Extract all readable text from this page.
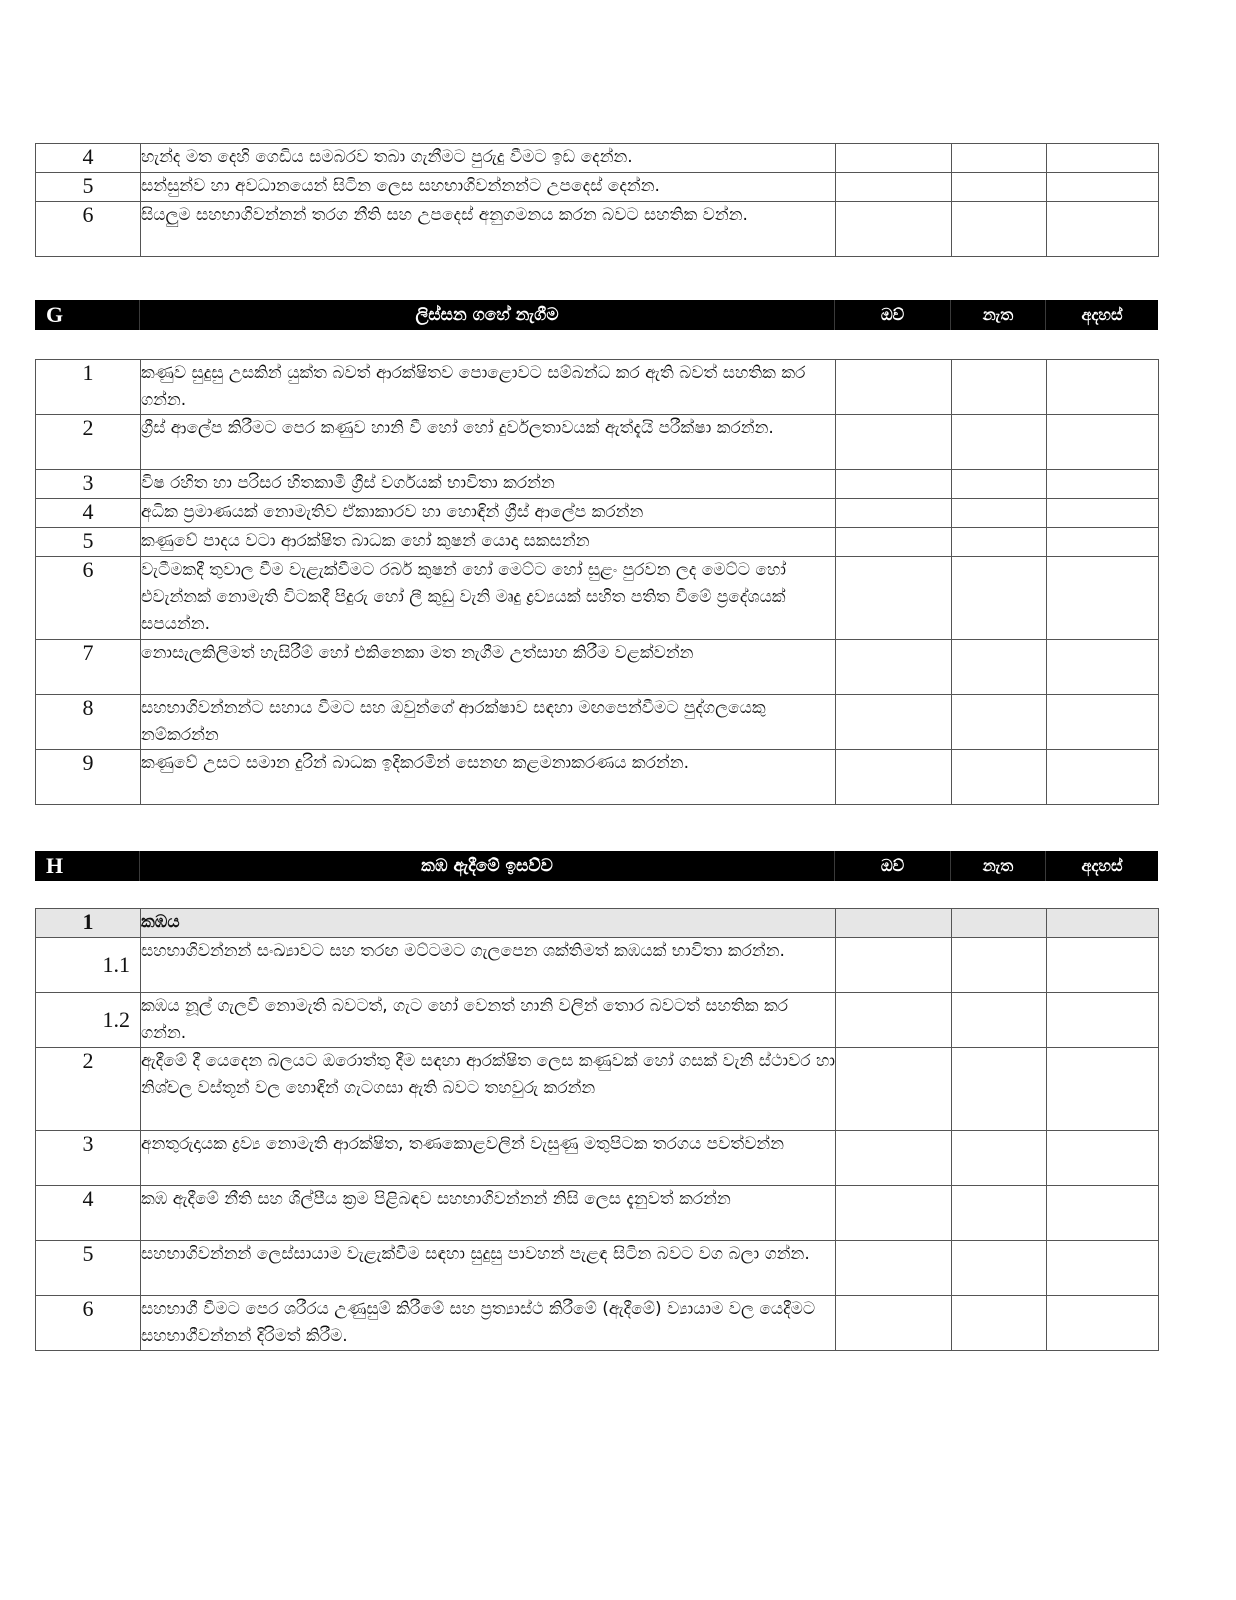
4	හැන්ද මත දෙහි ගෙඩිය සමබරව තබා ගැනීමට පුරුදු වීමට ඉඩ දෙන්න.			
5	සන්සුන්ව හා අවධානයෙන් සිටින ලෙස සහභාගිවන්නන්ට උපදෙස් දෙන්න.			
6	සියලුම සහභාගිවන්නන් තරග නීති සහ උපදෙස් අනුගමනය කරන බවට සහතික වන්න.			
G	ලිස්සන ගහේ නැගීම	ඔව්	නැත	අදහස්
1	කණුව සුදුසු උසකින් යුක්ත බවත් ආරක්ෂිතව පොළොවට සම්බන්ධ කර ඇති බවත් සහතික කර ගන්න.			
2	ග්‍රීස් ආලේප කිරීමට පෙර කණුව හානි වී හෝ හෝ දුර්වලතාවයක් ඇත්දැයි පරීක්ෂා කරන්න.			
3	විෂ රහිත හා පරිසර හිතකාමී ග්‍රීස් වර්ගයක් භාවිතා කරන්න			
4	අධික ප්‍රමාණයක් නොමැතිව ඒකාකාරව හා හොඳින් ග්‍රීස් ආලේප කරන්න			
5	කණුවේ පාදය වටා ආරක්ෂිත බාධක හෝ කුෂන් යොදා සකසන්න			
6	වැටීමකදී තුවාල වීම වැළැක්වීමට රබර් කුෂන් හෝ මෙට්ට හෝ සුළං පුරවන ලද මෙට්ට හෝ එවැන්නක් නොමැති විටකදී පිදුරු හෝ ලී කුඩු වැනි මෘදු ද්‍රව්‍යයක් සහිත පතිත වීමේ ප්‍රදේශයක් සපයන්න.			
7	නොසැලකිලිමත් හැසිරීම් හෝ එකිනෙකා මත නැගීම උත්සාහ කිරීම වළක්වන්න			
8	සහභාගිවන්නන්ට සහාය වීමට සහ ඔවුන්ගේ ආරක්ෂාව සඳහා මඟපෙන්වීමට පුද්ගලයෙකු නම්කරන්න			
9	කණුවේ උසට සමාන දුරින් බාධක ඉදිකරමින් සෙනඟ කළමනාකරණය කරන්න.			
H	කඹ ඇදීමේ ඉසව්ව	ඔව්	නැත	අදහස්
1	කඹය			
1.1	සහභාගිවන්නන් සංඛ්‍යාවට සහ තරඟ මට්ටමට ගැලපෙන ශක්තිමත් කඹයක් භාවිතා කරන්න.			
1.2	කඹය නූල් ගැලවී නොමැති බවටත්, ගැට හෝ වෙනත් හානි වලින් තොර බවටත් සහතික කර ගන්න.			
2	ඇදීමේ දී යෙදෙන බලයට ඔරොත්තු දීම සඳහා ආරක්ෂිත ලෙස කණුවක් හෝ ගසක් වැනි ස්ථාවර හා නිශ්චල වස්තූන් වල හොඳින් ගැටගසා ඇති බවට තහවුරු කරන්න			
3	අනතුරුදායක ද්‍රව්‍ය නොමැති ආරක්ෂිත, තණකොළවලින් වැසුණු මතුපිටක තරගය පවත්වන්න			
4	කඹ ඇදීමේ නීති සහ ශිල්පීය ක්‍රම පිළිබඳව සහභාගිවන්නන් නිසි ලෙස දැනුවත් කරන්න			
5	සහභාගිවන්නන් ලෙස්සායාම වැළැක්වීම සඳහා සුදුසු පාවහන් පැළඳ සිටින බවට වග බලා ගන්න.			
6	සහභාගී වීමට පෙර ශරීරය උණුසුම් කිරීමේ සහ ප්‍රත්‍යාස්ථ කිරීමේ (ඇදීමේ) ව්‍යායාම වල යෙදීමට සහභාගීවන්නන් දිරිමත් කිරීම.			
